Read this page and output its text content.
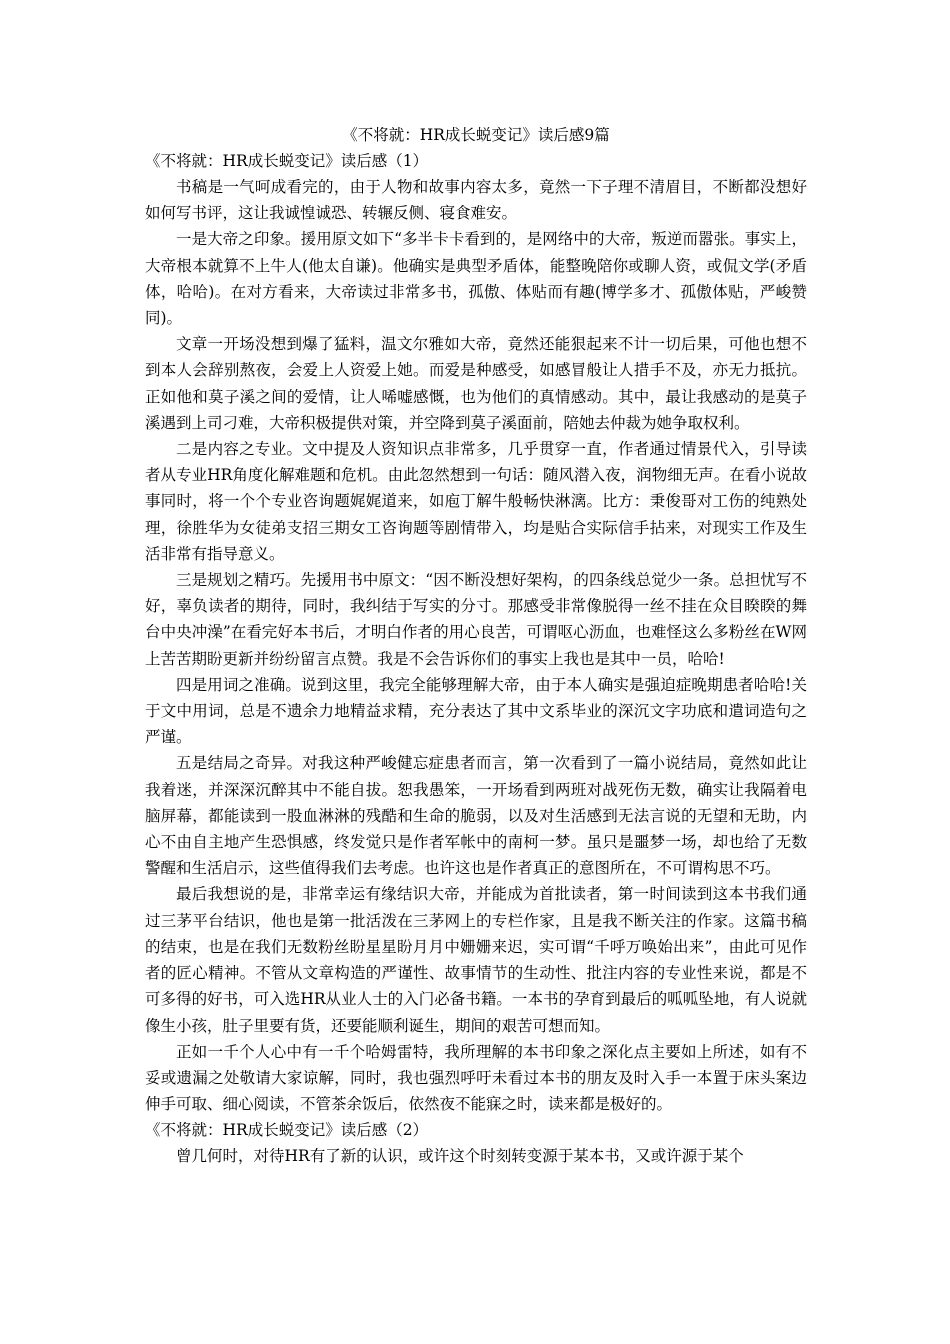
《不将就：HR成长蜕变记》读后感9篇
《不将就：HR成长蜕变记》读后感（1）

书稿是一气呵成看完的，由于人物和故事内容太多，竟然一下子理不清眉目，不断都没想好如何写书评，这让我诚惶诚恐、转辗反侧、寝食难安。

一是大帝之印象。援用原文如下“多半卡卡看到的，是网络中的大帝，叛逆而嚣张。事实上，大帝根本就算不上牛人(他太自谦)。他确实是典型矛盾体，能整晚陪你或聊人资，或侃文学(矛盾体，哈哈)。在对方看来，大帝读过非常多书，孤傲、体贴而有趣(博学多才、孤傲体贴，严峻赞同)。

文章一开场没想到爆了猛料，温文尔雅如大帝，竟然还能狠起来不计一切后果，可他也想不到本人会辞别熬夜，会爱上人资爱上她。而爱是种感受，如感冒般让人措手不及，亦无力抵抗。正如他和莫子溪之间的爱情，让人唏嘘感慨，也为他们的真情感动。其中，最让我感动的是莫子溪遇到上司刁难，大帝积极提供对策，并空降到莫子溪面前，陪她去仲裁为她争取权利。

二是内容之专业。文中提及人资知识点非常多，几乎贯穿一直，作者通过情景代入，引导读者从专业HR角度化解难题和危机。由此忽然想到一句话：随风潜入夜，润物细无声。在看小说故事同时，将一个个专业咨询题娓娓道来，如庖丁解牛般畅快淋漓。比方：秉俊哥对工伤的纯熟处理，徐胜华为女徒弟支招三期女工咨询题等剧情带入，均是贴合实际信手拈来，对现实工作及生活非常有指导意义。

三是规划之精巧。先援用书中原文：“因不断没想好架构，的四条线总觉少一条。总担忧写不好，辜负读者的期待，同时，我纠结于写实的分寸。那感受非常像脱得一丝不挂在众目睽睽的舞台中央冲澡”在看完好本书后，才明白作者的用心良苦，可谓呕心沥血，也难怪这么多粉丝在W网上苦苦期盼更新并纷纷留言点赞。我是不会告诉你们的事实上我也是其中一员，哈哈!

四是用词之准确。说到这里，我完全能够理解大帝，由于本人确实是强迫症晚期患者哈哈!关于文中用词，总是不遗余力地精益求精，充分表达了其中文系毕业的深沉文字功底和遣词造句之严谨。

五是结局之奇异。对我这种严峻健忘症患者而言，第一次看到了一篇小说结局，竟然如此让我着迷，并深深沉醉其中不能自拔。恕我愚笨，一开场看到两班对战死伤无数，确实让我隔着电脑屏幕，都能读到一股血淋淋的残酷和生命的脆弱，以及对生活感到无法言说的无望和无助，内心不由自主地产生恐惧感，终发觉只是作者军帐中的南柯一梦。虽只是噩梦一场，却也给了无数警醒和生活启示，这些值得我们去考虑。也许这也是作者真正的意图所在，不可谓构思不巧。

最后我想说的是，非常幸运有缘结识大帝，并能成为首批读者，第一时间读到这本书我们通过三茅平台结识，他也是第一批活泼在三茅网上的专栏作家，且是我不断关注的作家。这篇书稿的结束，也是在我们无数粉丝盼星星盼月月中姗姗来迟，实可谓“千呼万唤始出来”，由此可见作者的匠心精神。不管从文章构造的严谨性、故事情节的生动性、批注内容的专业性来说，都是不可多得的好书，可入选HR从业人士的入门必备书籍。一本书的孕育到最后的呱呱坠地，有人说就像生小孩，肚子里要有货，还要能顺利诞生，期间的艰苦可想而知。

正如一千个人心中有一千个哈姆雷特，我所理解的本书印象之深化点主要如上所述，如有不妥或遗漏之处敬请大家谅解，同时，我也强烈呼吁未看过本书的朋友及时入手一本置于床头案边伸手可取、细心阅读，不管茶余饭后，依然夜不能寐之时，读来都是极好的。

《不将就：HR成长蜕变记》读后感（2）

曾几何时，对待HR有了新的认识，或许这个时刻转变源于某本书，又或许源于某个
